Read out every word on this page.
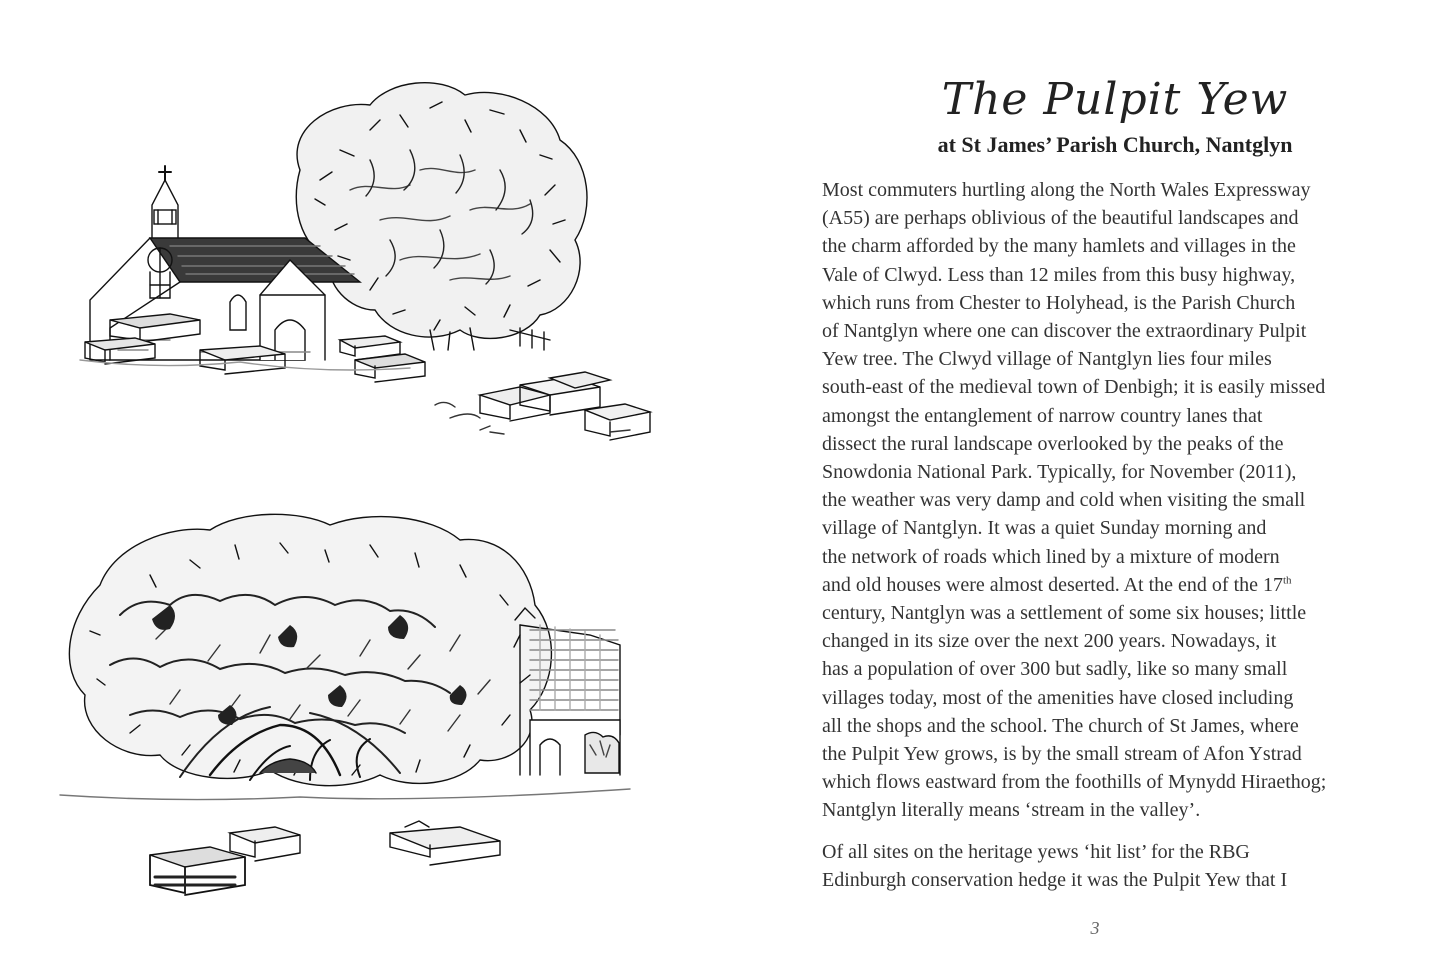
The Pulpit Yew
at St James’ Parish Church, Nantglyn
Most commuters hurtling along the North Wales Expressway
(A55) are perhaps oblivious of the beautiful landscapes and
the charm afforded by the many hamlets and villages in the
Vale of Clwyd. Less than 12 miles from this busy highway,
which runs from Chester to Holyhead, is the Parish Church
of Nantglyn where one can discover the extraordinary Pulpit
Yew tree. The Clwyd village of Nantglyn lies four miles
south-east of the medieval town of Denbigh; it is easily missed
amongst the entanglement of narrow country lanes that
dissect the rural landscape overlooked by the peaks of the
Snowdonia National Park. Typically, for November (2011),
the weather was very damp and cold when visiting the small
village of Nantglyn. It was a quiet Sunday morning and
the network of roads which lined by a mixture of modern
and old houses were almost deserted. At the end of the 17th
century, Nantglyn was a settlement of some six houses; little
changed in its size over the next 200 years. Nowadays, it
has a population of over 300 but sadly, like so many small
villages today, most of the amenities have closed including
all the shops and the school. The church of St James, where
the Pulpit Yew grows, is by the small stream of Afon Ystrad
which flows eastward from the foothills of Mynydd Hiraethog;
Nantglyn literally means ‘stream in the valley’.
Of all sites on the heritage yews ‘hit list’ for the RBG
Edinburgh conservation hedge it was the Pulpit Yew that I
3
